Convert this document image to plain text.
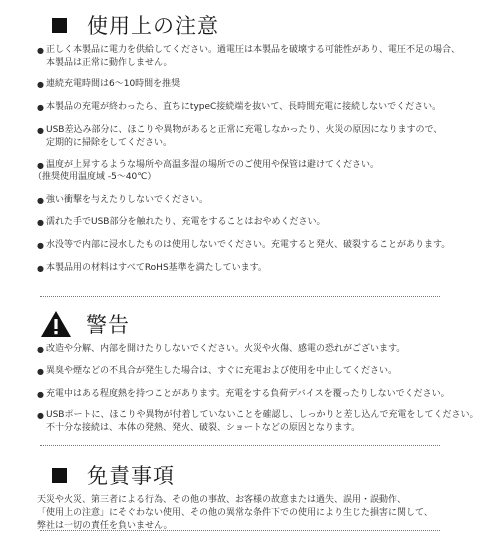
使用上の注意
● 正しく本製品に電力を供給してください。過電圧は本製品を破壊する可能性があり、電圧不足の場合、
本製品は正常に動作しません。
● 連続充電時間は6〜10時間を推奨
● 本製品の充電が終わったら、直ちにtypeC接続端を抜いて、長時間充電に接続しないでください。
● USB差込み部分に、ほこりや異物があると正常に充電しなかったり、火災の原因になりますので、
定期的に掃除をしてください。
● 温度が上昇するような場所や高温多湿の場所でのご使用や保管は避けてください。
（推奨使用温度域 -5〜40℃）
● 強い衝撃を与えたりしないでください。
● 濡れた手でUSB部分を触れたり、充電をすることはおやめください。
● 水没等で内部に浸水したものは使用しないでください。充電すると発火、破裂することがあります。
● 本製品用の材料はすべてRoHS基準を満たしています。
警告
● 改造や分解、内部を開けたりしないでください。火災や火傷、感電の恐れがございます。
● 異臭や煙などの不具合が発生した場合は、すぐに充電および使用を中止してください。
● 充電中はある程度熱を持つことがあります。充電をする負荷デバイスを覆ったりしないでください。
● USBポートに、ほこりや異物が付着していないことを確認し、しっかりと差し込んで充電をしてください。
不十分な接続は、本体の発熱、発火、破裂、ショートなどの原因となります。
免責事項
天災や火災、第三者による行為、その他の事故、お客様の故意または過失、誤用・誤動作、
「使用上の注意」にそぐわない使用、その他の異常な条件下での使用により生じた損害に関して、
弊社は一切の責任を負いません。
